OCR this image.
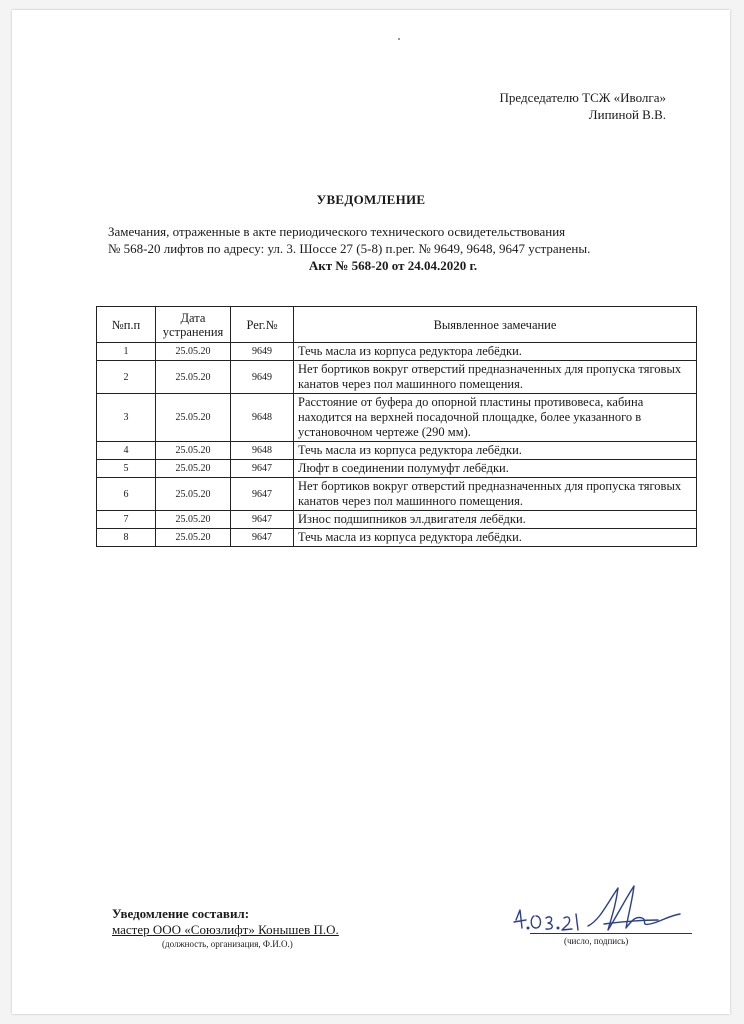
Председателю ТСЖ «Иволга»
Липиной В.В.
УВЕДОМЛЕНИЕ
Замечания, отраженные в акте периодического технического освидетельствования
№ 568-20 лифтов по адресу: ул. 3. Шоссе 27 (5-8) п.рег. № 9649, 9648, 9647 устранены.
Акт № 568-20 от 24.04.2020 г.
№п.п	Дата устранения	Рег.№	Выявленное замечание
1	25.05.20	9649	Течь масла из корпуса редуктора лебёдки.
2	25.05.20	9649	Нет бортиков вокруг отверстий предназначенных для пропуска тяговых канатов через пол машинного помещения.
3	25.05.20	9648	Расстояние от буфера до опорной пластины противовеса, кабина находится на верхней посадочной площадке, более указанного в установочном чертеже (290 мм).
4	25.05.20	9648	Течь масла из корпуса редуктора лебёдки.
5	25.05.20	9647	Люфт в соединении полумуфт лебёдки.
6	25.05.20	9647	Нет бортиков вокруг отверстий предназначенных для пропуска тяговых канатов через пол машинного помещения.
7	25.05.20	9647	Износ подшипников эл.двигателя лебёдки.
8	25.05.20	9647	Течь масла из корпуса редуктора лебёдки.
Уведомление составил:
мастер ООО «Союзлифт» Конышев П.О.
(должность, организация, Ф.И.О.)	(число, подпись)
